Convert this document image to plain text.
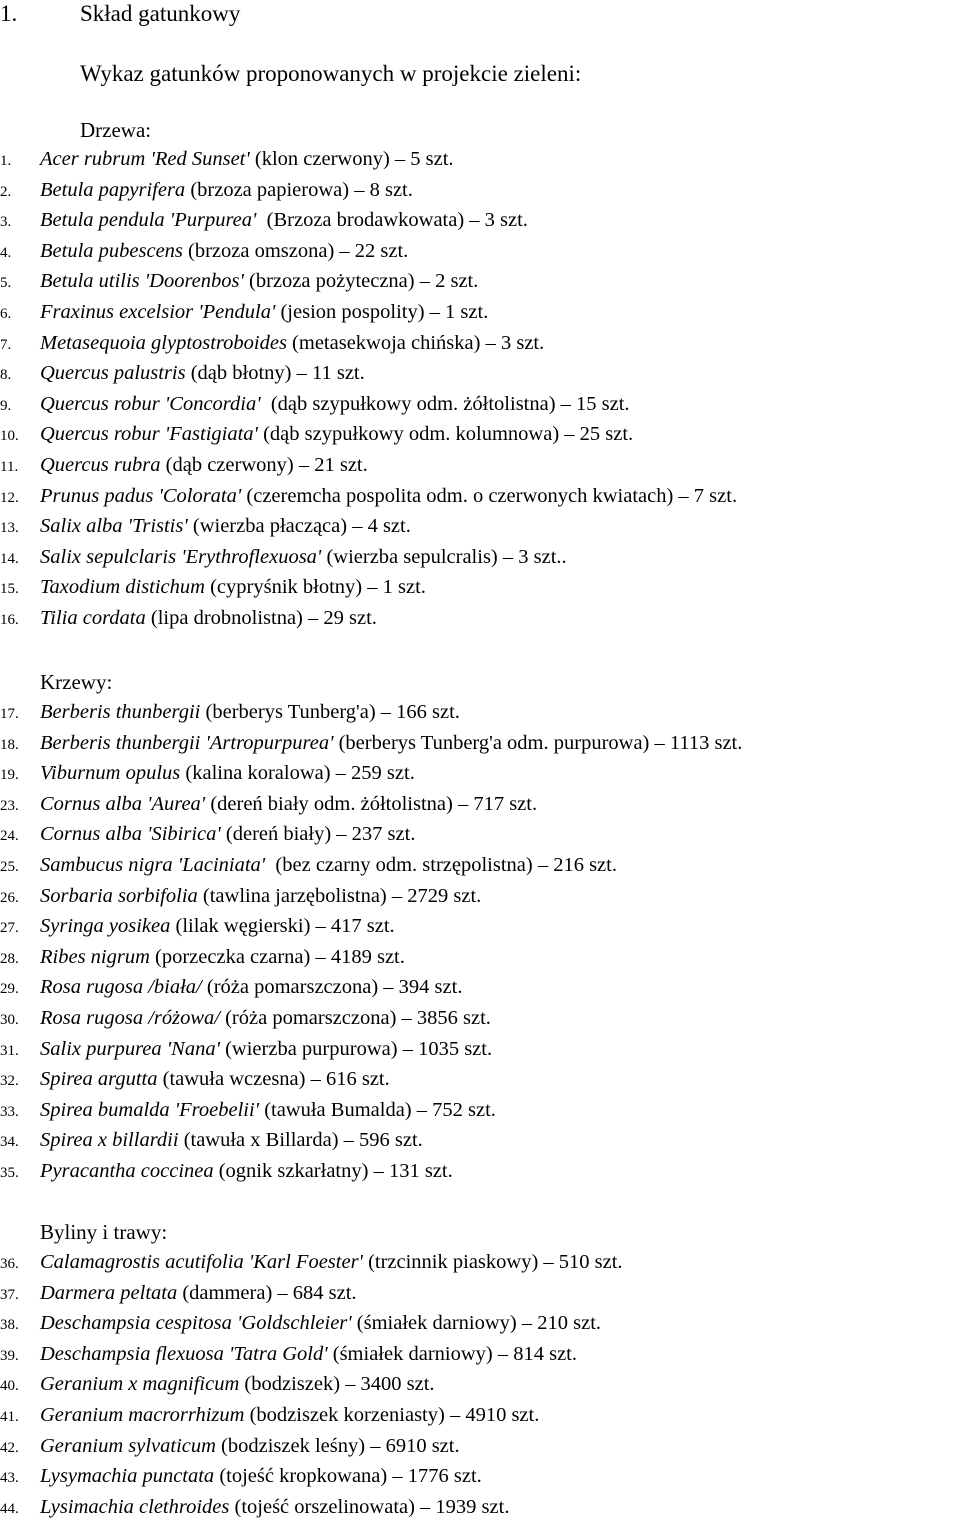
1.	Skład gatunkowy
Wykaz gatunków proponowanych w projekcie zieleni:
Drzewa:
1. Acer rubrum 'Red Sunset' (klon czerwony) – 5 szt.
2. Betula papyrifera (brzoza papierowa) – 8 szt.
3. Betula pendula 'Purpurea'  (Brzoza brodawkowata) – 3 szt.
4. Betula pubescens (brzoza omszona) – 22 szt.
5. Betula utilis 'Doorenbos' (brzoza pożyteczna) – 2 szt.
6. Fraxinus excelsior 'Pendula' (jesion pospolity) – 1 szt.
7. Metasequoia glyptostroboides (metasekwoja chińska) – 3 szt.
8. Quercus palustris (dąb błotny) – 11 szt.
9. Quercus robur 'Concordia'  (dąb szypułkowy odm. żółtolistna) – 15 szt.
10. Quercus robur 'Fastigiata' (dąb szypułkowy odm. kolumnowa) – 25 szt.
11. Quercus rubra (dąb czerwony) – 21 szt.
12. Prunus padus 'Colorata' (czeremcha pospolita odm. o czerwonych kwiatach) – 7 szt.
13. Salix alba 'Tristis' (wierzba płacząca) – 4 szt.
14. Salix sepulclaris 'Erythroflexuosa' (wierzba sepulcralis) – 3 szt..
15. Taxodium distichum (cypryśnik błotny) – 1 szt.
16. Tilia cordata (lipa drobnolistna) – 29 szt.
Krzewy:
17. Berberis thunbergii (berberys Tunberg'a) – 166 szt.
18. Berberis thunbergii 'Artropurpurea' (berberys Tunberg'a odm. purpurowa) – 1113 szt.
19. Viburnum opulus (kalina koralowa) – 259 szt.
23. Cornus alba 'Aurea' (dereń biały odm. żółtolistna) – 717 szt.
24. Cornus alba 'Sibirica' (dereń biały) – 237 szt.
25. Sambucus nigra 'Laciniata'  (bez czarny odm. strzępolistna) – 216 szt.
26. Sorbaria sorbifolia (tawlina jarzębolistna) – 2729 szt.
27. Syringa yosikea (lilak węgierski) – 417 szt.
28. Ribes nigrum (porzeczka czarna) – 4189 szt.
29. Rosa rugosa /biała/ (róża pomarszczona) – 394 szt.
30. Rosa rugosa /różowa/ (róża pomarszczona) – 3856 szt.
31. Salix purpurea 'Nana' (wierzba purpurowa) – 1035 szt.
32. Spirea argutta (tawuła wczesna) – 616 szt.
33. Spirea bumalda 'Froebelii' (tawuła Bumalda) – 752 szt.
34. Spirea x billardii (tawuła x Billarda) – 596 szt.
35. Pyracantha coccinea (ognik szkarłatny) – 131 szt.
Byliny i trawy:
36. Calamagrostis acutifolia 'Karl Foester' (trzcinnik piaskowy) – 510 szt.
37. Darmera peltata (dammera) – 684 szt.
38. Deschampsia cespitosa 'Goldschleier' (śmiałek darniowy) – 210 szt.
39. Deschampsia flexuosa 'Tatra Gold' (śmiałek darniowy) – 814 szt.
40. Geranium x magnificum (bodziszek) – 3400 szt.
41. Geranium macrorrhizum (bodziszek korzeniasty) – 4910 szt.
42. Geranium sylvaticum (bodziszek leśny) – 6910 szt.
43. Lysymachia punctata (tojeść kropkowana) – 1776 szt.
44. Lysimachia clethroides (tojeść orszelinowata) – 1939 szt.
